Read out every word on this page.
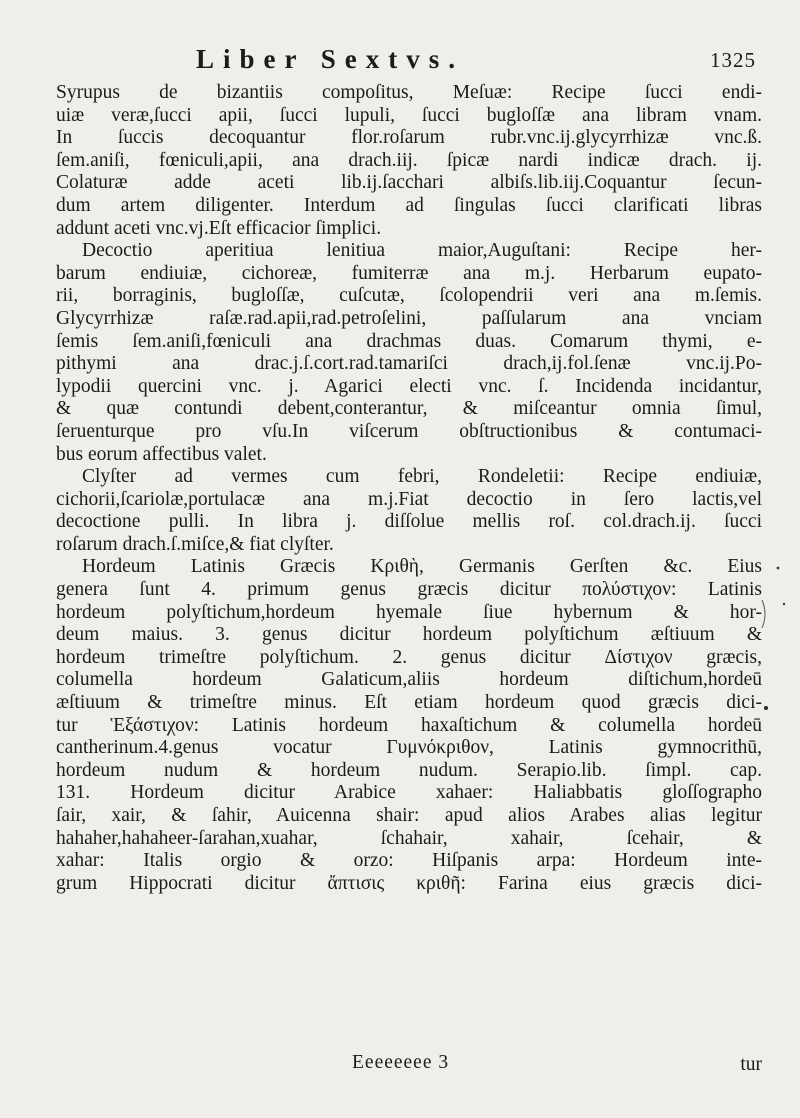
Liber Sextvs.	1325
Syrupus de bizantiis compoſitus, Meſuæ: Recipe ſucci endi-
uiæ veræ,ſucci apii, ſucci lupuli, ſucci bugloſſæ ana libram vnam.
In ſuccis decoquantur flor.roſarum rubr.vnc.ij.glycyrrhizæ vnc.ß.
ſem.aniſi, fœniculi,apii, ana drach.iij. ſpicæ nardi indicæ drach. ij.
Colaturæ adde aceti lib.ij.ſacchari albiſs.lib.iij.Coquantur ſecun-
dum artem diligenter. Interdum ad ſingulas ſucci clarificati libras
addunt aceti vnc.vj.Eſt efficacior ſimplici.
Decoctio aperitiua lenitiua maior,Auguſtani: Recipe her-
barum endiuiæ, cichoreæ, fumiterræ ana m.j. Herbarum eupato-
rii, borraginis, bugloſſæ, cuſcutæ, ſcolopendrii veri ana m.ſemis.
Glycyrrhizæ raſæ.rad.apii,rad.petroſelini, paſſularum ana vnciam
ſemis ſem.aniſi,fœniculi ana drachmas duas. Comarum thymi, e-
pithymi ana drac.j.ſ.cort.rad.tamariſci drach,ij.fol.ſenæ vnc.ij.Po-
lypodii quercini vnc. j. Agarici electi vnc. ſ. Incidenda incidantur,
& quæ contundi debent,conterantur, & miſceantur omnia ſimul,
ſeruenturque pro vſu.In viſcerum obſtructionibus & contumaci-
bus eorum affectibus valet.
Clyſter ad vermes cum febri, Rondeletii: Recipe endiuiæ,
cichorii,ſcariolæ,portulacæ ana m.j.Fiat decoctio in ſero lactis,vel
decoctione pulli. In libra j. diſſolue mellis roſ. col.drach.ij. ſucci
roſarum drach.ſ.miſce,& fiat clyſter.
Hordeum Latinis Græcis Κριθὴ, Germanis Gerſten &c. Eius
genera ſunt 4. primum genus græcis dicitur πολύστιχον: Latinis
hordeum polyſtichum,hordeum hyemale ſiue hybernum & hor-
deum maius. 3. genus dicitur hordeum polyſtichum æſtiuum &
hordeum trimeſtre polyſtichum. 2. genus dicitur Δίστιχον græcis,
columella hordeum Galaticum,aliis hordeum diſtichum,hordeū
æſtiuum & trimeſtre minus. Eſt etiam hordeum quod græcis dici-
tur Ἑξάστιχον: Latinis hordeum haxaſtichum & columella hordeū
cantherinum.4.genus vocatur Γυμνόκριθον, Latinis gymnocrithū,
hordeum nudum & hordeum nudum. Serapio.lib. ſimpl. cap.
131. Hordeum dicitur Arabice xahaer: Haliabbatis gloſſographo
ſair, xair, & ſahir, Auicenna shair: apud alios Arabes alias legitur
hahaher,hahaheer-ſarahan,xuahar, ſchahair, xahair, ſcehair, &
xahar: Italis orgio & orzo: Hiſpanis arpa: Hordeum inte-
grum Hippocrati dicitur ἄπτισις κριθῆ: Farina eius græcis dici-
Eeeeeeee 3	tur
